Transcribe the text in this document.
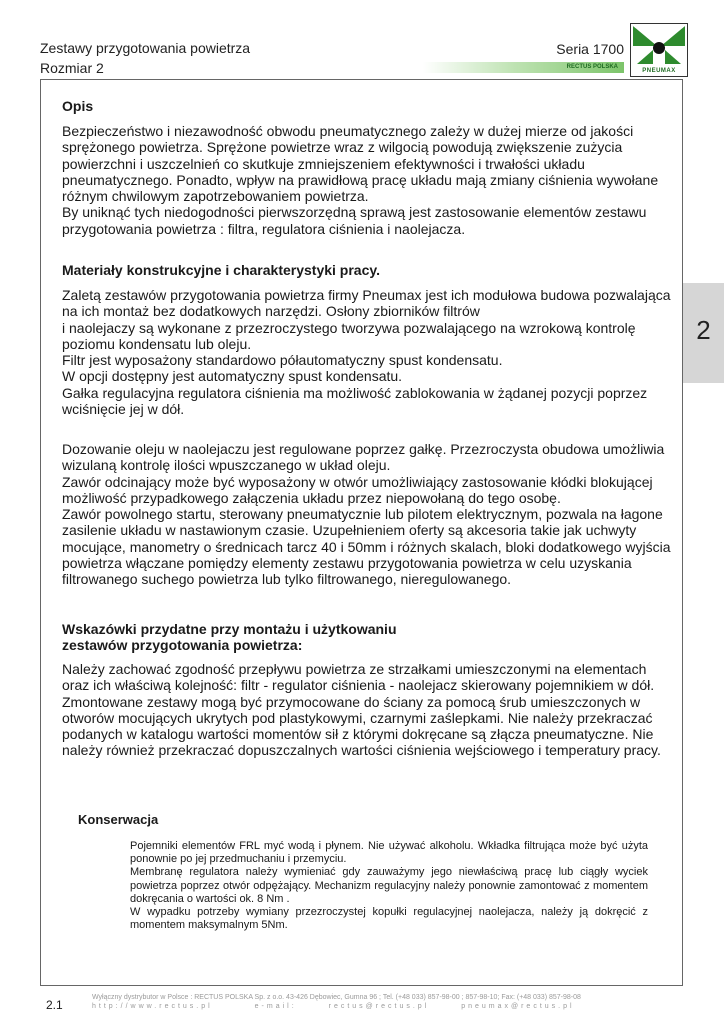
Zestawy przygotowania powietrza
Rozmiar 2
Seria 1700
RECTUS POLSKA
PNEUMAX
2
Opis

Bezpieczeństwo i niezawodność obwodu pneumatycznego zależy w dużej mierze od jakości sprężonego powietrza. Sprężone powietrze wraz z wilgocią powodują zwiększenie zużycia powierzchni i uszczelnień co skutkuje zmniejszeniem efektywności i trwałości układu pneumatycznego. Ponadto, wpływ na prawidłową pracę układu mają zmiany ciśnienia wywołane różnym chwilowym zapotrzebowaniem powietrza.

By uniknąć tych niedogodności pierwszorzędną sprawą jest zastosowanie elementów zestawu przygotowania powietrza : filtra, regulatora ciśnienia i naolejacza.

Materiały konstrukcyjne i charakterystyki pracy.

Zaletą zestawów przygotowania powietrza firmy Pneumax jest ich modułowa budowa pozwalająca na ich montaż bez dodatkowych narzędzi. Osłony zbiorników filtrów

i naolejaczy są wykonane z przezroczystego tworzywa pozwalającego na wzrokową kontrolę poziomu kondensatu lub oleju.

Filtr jest wyposażony standardowo półautomatyczny spust kondensatu.

W opcji dostępny jest automatyczny spust kondensatu.

Gałka regulacyjna regulatora ciśnienia ma możliwość zablokowania w żądanej pozycji poprzez wciśnięcie jej w dół.

Dozowanie oleju w naolejaczu jest regulowane poprzez gałkę. Przezroczysta obudowa umożliwia wizulaną kontrolę ilości wpuszczanego w układ oleju.

Zawór odcinający może być wyposażony w otwór umożliwiający zastosowanie kłódki blokującej możliwość przypadkowego załączenia układu przez niepowołaną do tego osobę.

Zawór powolnego startu, sterowany pneumatycznie lub pilotem elektrycznym, pozwala na łagone zasilenie układu w nastawionym czasie. Uzupełnieniem oferty są akcesoria takie jak uchwyty mocujące, manometry o średnicach tarcz 40 i 50mm i różnych skalach, bloki dodatkowego wyjścia powietrza włączane pomiędzy elementy zestawu przygotowania powietrza w celu uzyskania filtrowanego suchego powietrza lub tylko filtrowanego, nieregulowanego.

Wskazówki przydatne przy montażu i użytkowaniu
zestawów przygotowania powietrza:

Należy zachować zgodność przepływu powietrza ze strzałkami umieszczonymi na elementach oraz ich właściwą kolejność: filtr - regulator ciśnienia - naolejacz skierowany pojemnikiem w dół. Zmontowane zestawy mogą być przymocowane do ściany za pomocą śrub umieszczonych w otworów mocujących ukrytych pod plastykowymi, czarnymi zaślepkami. Nie należy przekraczać podanych w katalogu wartości momentów sił z którymi dokręcane są złącza pneumatyczne. Nie należy również przekraczać dopuszczalnych wartości ciśnienia wejściowego i temperatury pracy.

Konserwacja

Pojemniki elementów FRL myć wodą i płynem. Nie używać alkoholu. Wkładka filtrująca może być użyta ponownie po jej przedmuchaniu i przemyciu.

Membranę regulatora należy wymieniać gdy zauważymy jego niewłaściwą pracę lub ciągły wyciek powietrza poprzez otwór odpężający. Mechanizm regulacyjny należy ponownie zamontować z momentem dokręcania o wartości ok. 8 Nm .

W wypadku potrzeby wymiany przezroczystej kopułki regulacyjnej naolejacza, należy ją dokręcić z momentem maksymalnym 5Nm.

2.1
Wyłączny dystrybutor w Polsce : RECTUS POLSKA Sp. z o.o. 43-426 Dębowiec, Gumna 96 ; Tel. (+48 033) 857-98-00 ; 857-98-10; Fax: (+48 033) 857-98-08
http://www.rectus.pl	e-mail:	rectus@rectus.pl	pneumax@rectus.pl
